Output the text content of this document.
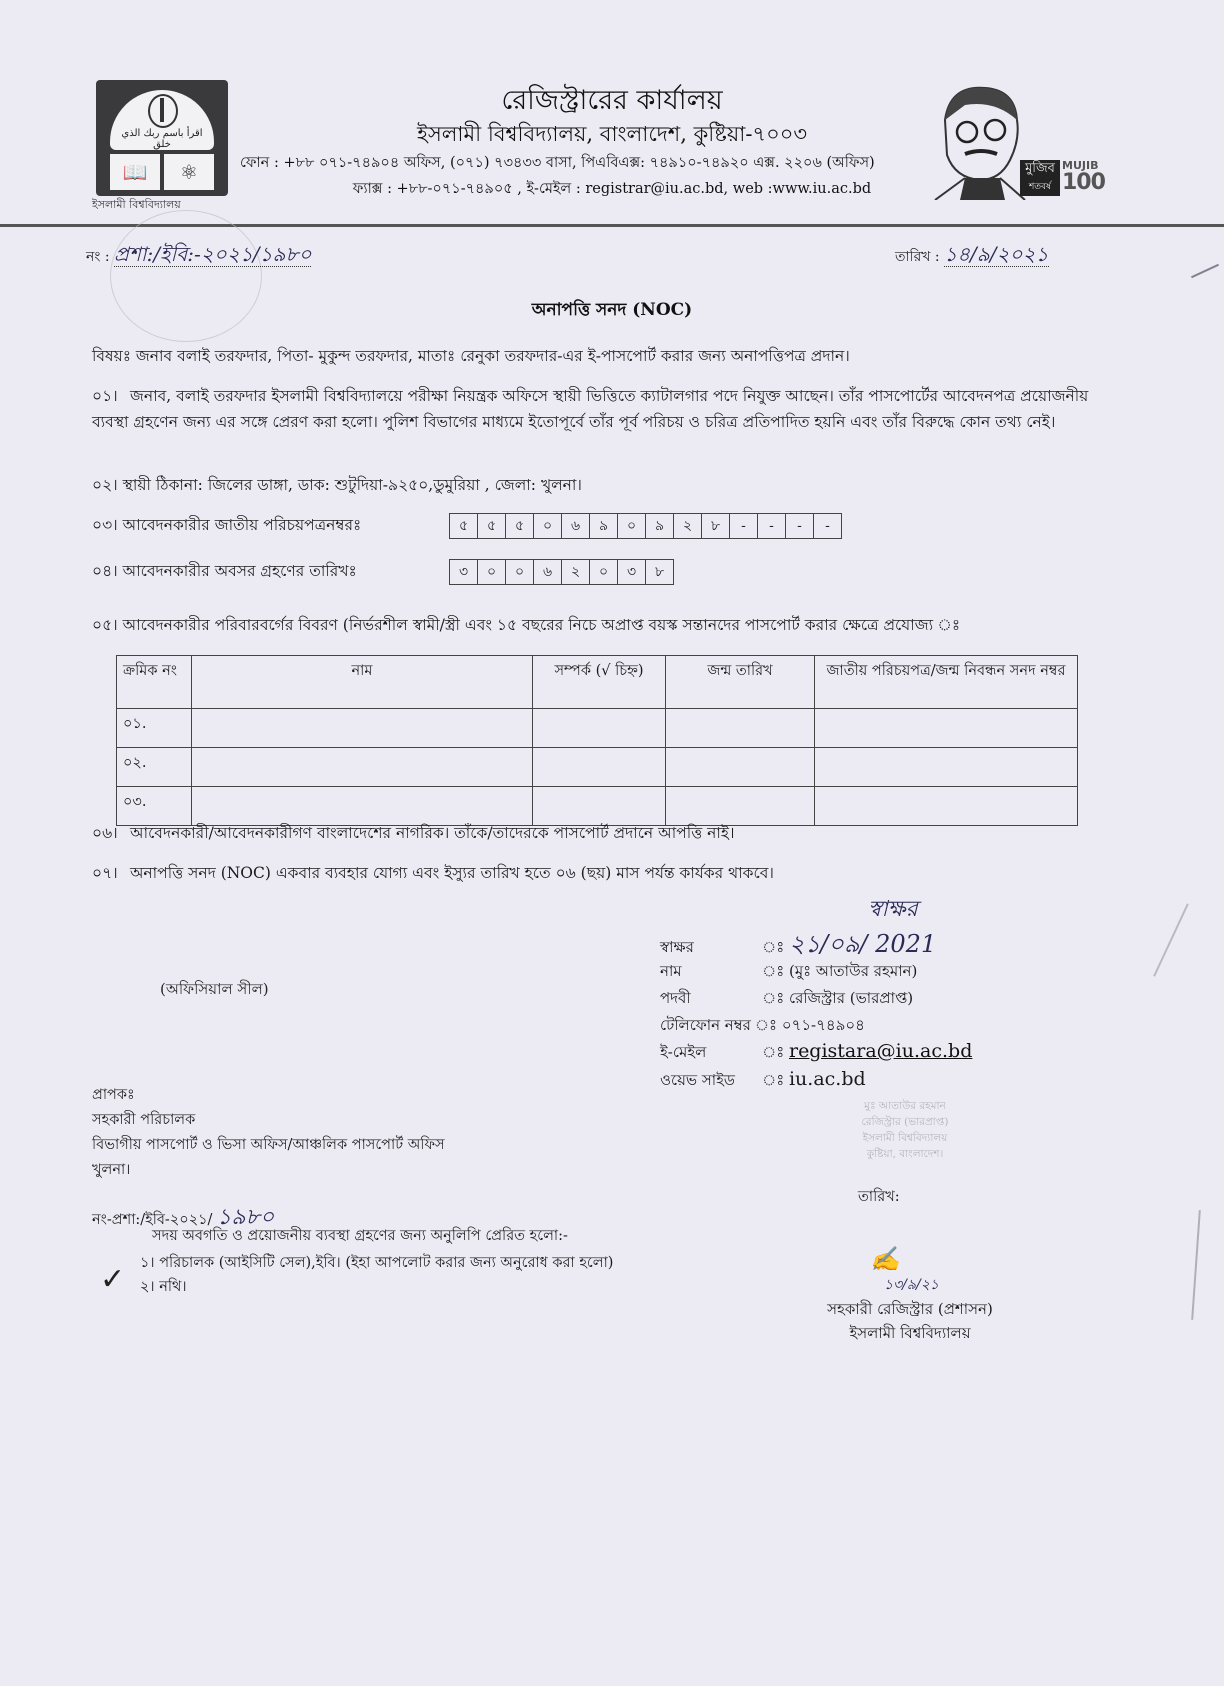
اقرأ باسم ربك الذي خلق
📖	⚛
ইসলামী বিশ্ববিদ্যালয়
রেজিস্ট্রারের কার্যালয়
ইসলামী বিশ্ববিদ্যালয়, বাংলাদেশ, কুষ্টিয়া-৭০০৩
ফোন : +৮৮ ০৭১-৭৪৯০৪ অফিস, (০৭১) ৭৩৪৩৩ বাসা, পিএবিএক্স: ৭৪৯১০-৭৪৯২০ এক্স. ২২০৬ (অফিস)
ফ্যাক্স : +৮৮-০৭১-৭৪৯০৫ , ই-মেইল : registrar@iu.ac.bd, web :www.iu.ac.bd
মুজিব
শতবর্ষ
MUJIB
100
নং : প্রশা:/ইবি:-২০২১/১৯৮০	তারিখ : ১৪/৯/২০২১
অনাপত্তি সনদ (NOC)
বিষয়ঃ জনাব বলাই তরফদার, পিতা- মুকুন্দ তরফদার, মাতাঃ রেনুকা তরফদার-এর ই-পাসপোর্ট করার জন্য অনাপত্তিপত্র প্রদান।
০১। জনাব, বলাই তরফদার ইসলামী বিশ্ববিদ্যালয়ে পরীক্ষা নিয়ন্ত্রক অফিসে স্থায়ী ভিত্তিতে ক্যাটালগার পদে নিযুক্ত আছেন। তাঁর পাসপোর্টের আবেদনপত্র প্রয়োজনীয় ব্যবস্থা গ্রহণেন জন্য এর সঙ্গে প্রেরণ করা হলো। পুলিশ বিভাগের মাধ্যমে ইতোপূর্বে তাঁর পূর্ব পরিচয় ও চরিত্র প্রতিপাদিত হয়নি এবং তাঁর বিরুদ্ধে কোন তথ্য নেই।
০২। স্থায়ী ঠিকানা: জিলের ডাঙ্গা, ডাক: শুটুদিয়া-৯২৫০,ডুমুরিয়া , জেলা: খুলনা।
০৩। আবেদনকারীর জাতীয় পরিচয়পত্রনম্বরঃ	৫	৫	৫	০	৬	৯	০	৯	২	৮	-	-	-	-
০৪। আবেদনকারীর অবসর গ্রহণের তারিখঃ	৩	০	০	৬	২	০	৩	৮
০৫। আবেদনকারীর পরিবারবর্গের বিবরণ (নির্ভরশীল স্বামী/স্ত্রী এবং ১৫ বছরের নিচে অপ্রাপ্ত বয়স্ক সন্তানদের পাসপোর্ট করার ক্ষেত্রে প্রযোজ্য ঃ
ক্রমিক নং	নাম	সম্পর্ক (√ চিহ্ন)	জন্ম তারিখ	জাতীয় পরিচয়পত্র/জন্ম নিবন্ধন সনদ নম্বর
০১.				
০২.				
০৩.				
০৬। আবেদনকারী/আবেদনকারীগণ বাংলাদেশের নাগরিক। তাঁকে/তাদেরকে পাসপোর্ট প্রদানে আপত্তি নাই।
০৭। অনাপত্তি সনদ (NOC) একবার ব্যবহার যোগ্য এবং ইস্যুর তারিখ হতে ০৬ (ছয়) মাস পর্যন্ত কার্যকর থাকবে।
স্বাক্ষর
স্বাক্ষর	২১/০৯/ 2021
নাম	(মুঃ আতাউর রহমান)
পদবী	রেজিস্ট্রার (ভারপ্রাপ্ত)
টেলিফোন নম্বর ০৭১-৭৪৯০৪
ই-মেইল	registara@iu.ac.bd
ওয়েভ সাইড	iu.ac.bd
(অফিসিয়াল সীল)
প্রাপকঃ
সহকারী পরিচালক
বিভাগীয় পাসপোর্ট ও ভিসা অফিস/আঞ্চলিক পাসপোর্ট অফিস
খুলনা।
নং-প্রশা:/ইবি-২০২১/ ১৯৮০
সদয় অবগতি ও প্রয়োজনীয় ব্যবস্থা গ্রহণের জন্য অনুলিপি প্রেরিত হলো:-
১। পরিচালক (আইসিটি সেল),ইবি। (ইহা আপলোট করার জন্য অনুরোধ করা হলো)
২। নথি।
✓
মুঃ আতাউর রহমান
রেজিস্ট্রার (ভারপ্রাপ্ত)
ইসলামী বিশ্ববিদ্যালয়
কুষ্টিয়া, বাংলাদেশ।
তারিখ:
✍
১৩/৯/২১
সহকারী রেজিস্ট্রার (প্রশাসন)
ইসলামী বিশ্ববিদ্যালয়
